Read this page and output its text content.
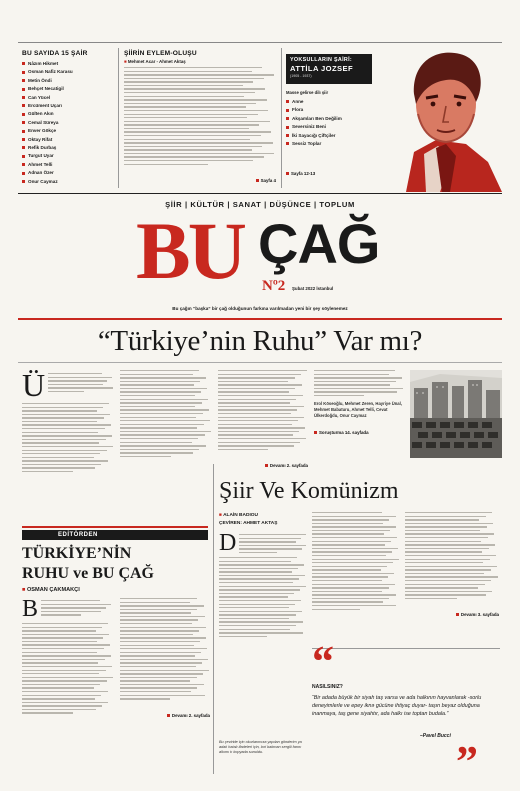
BU SAYIDA 15 ŞAİR
Nâzım Hikmet
Osman Nafiz Karasu
Metin Öndi
Behçet Necatigil
Can Yücel
Ercüment Uçarı
Gülten Akın
Cemal Süreya
Enver Gökçe
Oktay Rifat
Refik Durbaş
Turgut Uyar
Ahmet Telli
Adnan Özer
Onur Caymaz
ŞİİRİN EYLEM-OLUŞU
■ Mehmet Acar - Ahmet Aktaş
Sayfa 4
YOKSULLARIN ŞAİRİ:
ATTİLA JOZSEF
(1905 - 1937)
Masse gelirse dilı şiir
Anne
Flora
Akşamları Ben Değilim
Seversiniz Beni
İki Sayacığı Çiftçiler
Sessiz Toplar
Sayfa 12-13
ŞİİR | KÜLTÜR | SANAT | DÜŞÜNCE | TOPLUM
BU ÇAĞ
Nº2 Şubat 2022 İstanbul
Bu çağın “başka” bir çağ olduğunun farkına varılmadan yeni bir şey söylenemez
“Türkiye’nin Ruhu” Var mı?
Ü
Devamı 2. sayfada
Erol Köseoğlu, Mehmet Zeren, Hayriye Ünal, Mehmet Babaturu, Ahmet Telli, Cevat Ülkerdoğdu, Onur Caymaz
Soruşturma 14. sayfada
EDİTÖRDEN
TÜRKİYE’NİN RUHU ve BU ÇAĞ
■ OSMAN ÇAKMAKÇI
B
Devamı 2. sayfada
Şiir Ve Komünizm
■ ALAİN BADIOU
ÇEVİREN: AHMET AKTAŞ
D
Devamı 3. sayfada
Bu çeviride için okurlarımıza yapılan gönderim ya adalı hatalı ifadeleri için, bıri bakman sergili farını alkımı tı kopyada sunuldu.
“
NASILSINIZ?
“Bir adada büyük bir siyah taş varsa ve ada halkının hayvanlarak -sorlu deneyimlerle ve epey iknə gücüne ihtiyaç duyar- taşın beyaz olduğuna inanmaya, taş gene siyahtır, ada halkı ise toptan budala.”
–Pavel Bucci
”
